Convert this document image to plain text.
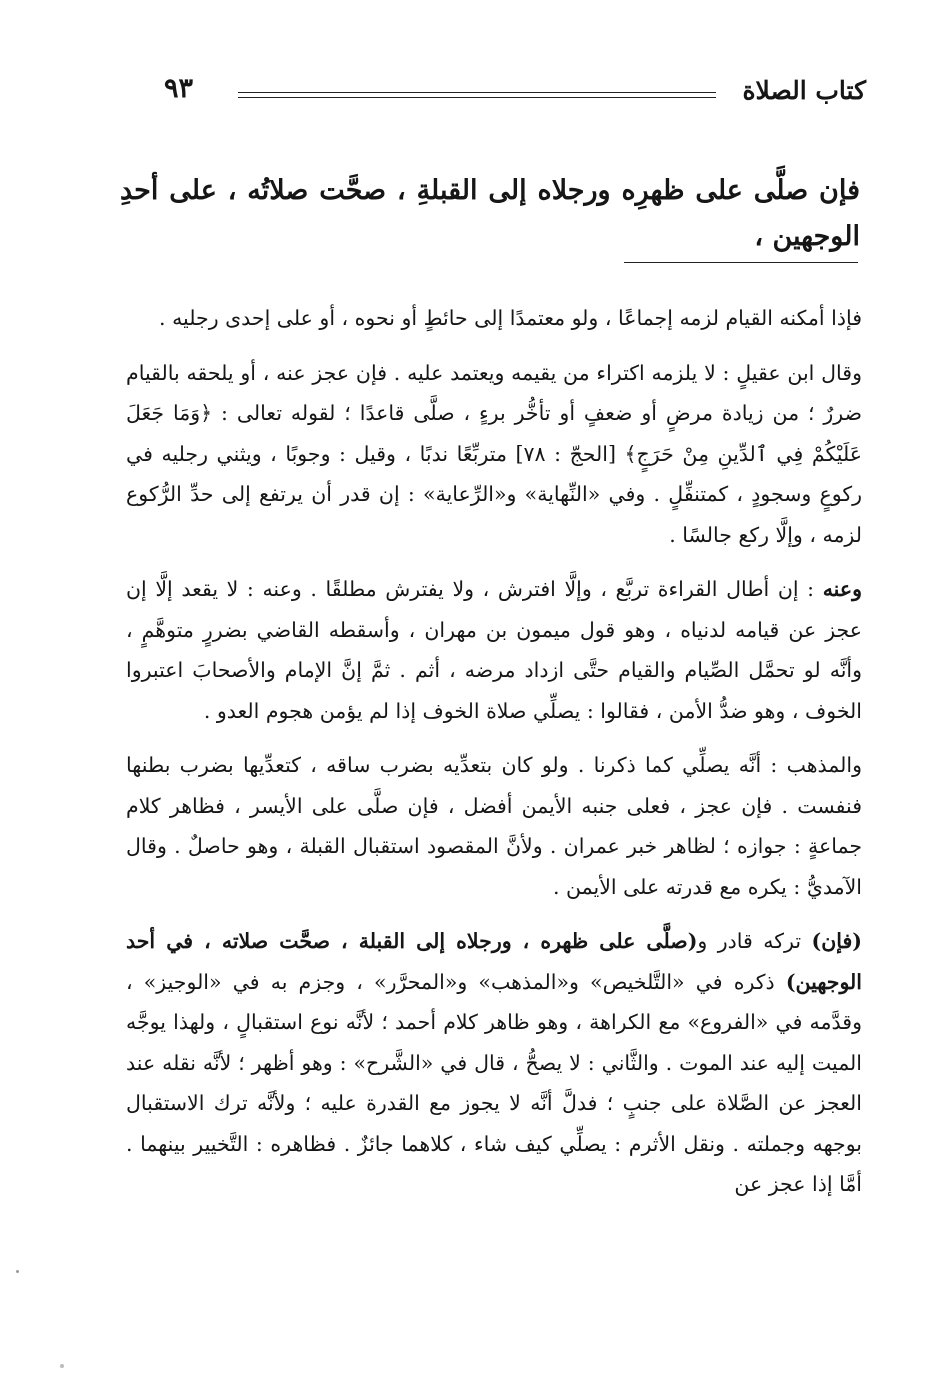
كتاب الصلاة
٩٣
فإن صلَّى على ظهرِه ورجلاه إلى القبلةِ ، صحَّت صلاتُه ، على أحدِ الوجهين ،

فإذا أمكنه القيام لزمه إجماعًا ، ولو معتمدًا إلى حائطٍ أو نحوه ، أو على إحدى رجليه .

وقال ابن عقيلٍ : لا يلزمه اكتراء من يقيمه ويعتمد عليه . فإن عجز عنه ، أو يلحقه بالقيام ضررٌ ؛ من زيادة مرضٍ أو ضعفٍ أو تأخُّر برءٍ ، صلَّى قاعدًا ؛ لقوله تعالى : ﴿وَمَا جَعَلَ عَلَيْكُمْ فِي ٱلدِّينِ مِنْ حَرَجٍ﴾ [الحجّ : ٧٨] متربِّعًا ندبًا ، وقيل : وجوبًا ، ويثني رجليه في ركوعٍ وسجودٍ ، كمتنفِّلٍ . وفي «النِّهاية» و«الرِّعاية» : إن قدر أن يرتفع إلى حدِّ الرُّكوع لزمه ، وإلَّا ركع جالسًا .

وعنه : إن أطال القراءة تربَّع ، وإلَّا افترش ، ولا يفترش مطلقًا . وعنه : لا يقعد إلَّا إن عجز عن قيامه لدنياه ، وهو قول ميمون بن مهران ، وأسقطه القاضي بضررٍ متوهَّمٍ ، وأنَّه لو تحمَّل الصِّيام والقيام حتَّى ازداد مرضه ، أثم . ثمَّ إنَّ الإمام والأصحابَ اعتبروا الخوف ، وهو ضدُّ الأمن ، فقالوا : يصلِّي صلاة الخوف إذا لم يؤمن هجوم العدو .

والمذهب : أنَّه يصلِّي كما ذكرنا . ولو كان بتعدِّيه بضرب ساقه ، كتعدِّيها بضرب بطنها فنفست . فإن عجز ، فعلى جنبه الأيمن أفضل ، فإن صلَّى على الأيسر ، فظاهر كلام جماعةٍ : جوازه ؛ لظاهر خبر عمران . ولأنَّ المقصود استقبال القبلة ، وهو حاصلٌ . وقال الآمديُّ : يكره مع قدرته على الأيمن .

(فإن) تركه قادر و(صلَّى على ظهره ، ورجلاه إلى القبلة ، صحَّت صلاته ، في أحد الوجهين) ذكره في «التَّلخيص» و«المذهب» و«المحرَّر» ، وجزم به في «الوجيز» ، وقدَّمه في «الفروع» مع الكراهة ، وهو ظاهر كلام أحمد ؛ لأنَّه نوع استقبالٍ ، ولهذا يوجَّه الميت إليه عند الموت . والثَّاني : لا يصحُّ ، قال في «الشَّرح» : وهو أظهر ؛ لأنَّه نقله عند العجز عن الصَّلاة على جنبٍ ؛ فدلَّ أنَّه لا يجوز مع القدرة عليه ؛ ولأنَّه ترك الاستقبال بوجهه وجملته . ونقل الأثرم : يصلِّي كيف شاء ، كلاهما جائزٌ . فظاهره : التَّخيير بينهما . أمَّا إذا عجز عن
